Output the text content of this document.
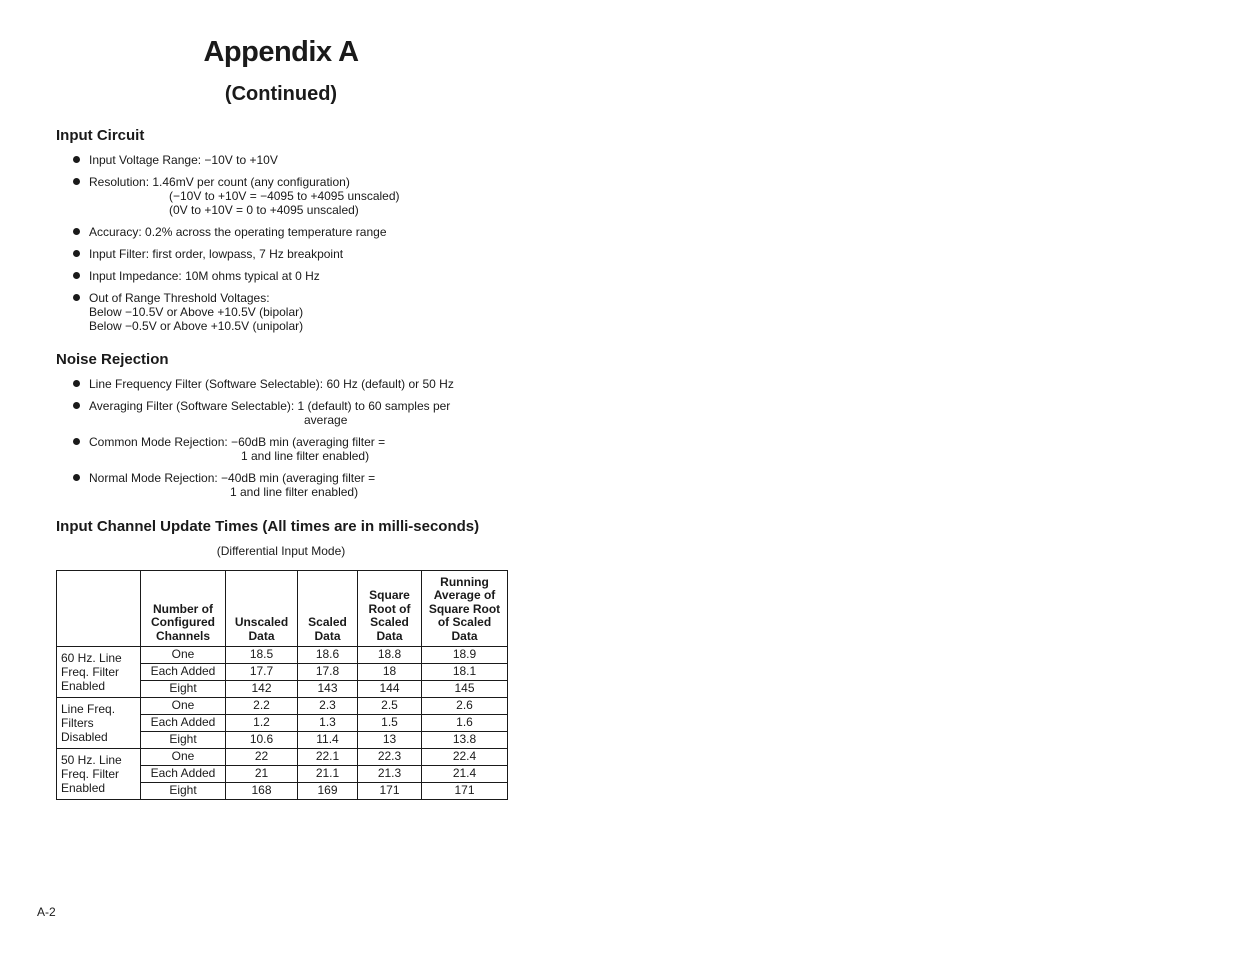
Appendix A
(Continued)
Input Circuit
Input Voltage Range: −10V to +10V
Resolution: 1.46mV per count (any configuration)
(−10V to +10V = −4095 to +4095 unscaled)
(0V to +10V = 0 to +4095 unscaled)
Accuracy: 0.2% across the operating temperature range
Input Filter: first order, lowpass, 7 Hz breakpoint
Input Impedance: 10M ohms typical at 0 Hz
Out of Range Threshold Voltages:
Below −10.5V or Above +10.5V (bipolar)
Below −0.5V or Above +10.5V (unipolar)
Noise Rejection
Line Frequency Filter (Software Selectable): 60 Hz (default) or 50 Hz
Averaging Filter (Software Selectable): 1 (default) to 60 samples per
average
Common Mode Rejection: −60dB min (averaging filter =
1 and line filter enabled)
Normal Mode Rejection: −40dB min (averaging filter =
1 and line filter enabled)
Input Channel Update Times (All times are in milli-seconds)
(Differential Input Mode)
	Number of Configured Channels	Unscaled Data	Scaled Data	Square Root of Scaled Data	Running Average of Square Root of Scaled Data
60 Hz. Line Freq. Filter Enabled	One	18.5	18.6	18.8	18.9
	Each Added	17.7	17.8	18	18.1
	Eight	142	143	144	145
Line Freq. Filters Disabled	One	2.2	2.3	2.5	2.6
	Each Added	1.2	1.3	1.5	1.6
	Eight	10.6	11.4	13	13.8
50 Hz. Line Freq. Filter Enabled	One	22	22.1	22.3	22.4
	Each Added	21	21.1	21.3	21.4
	Eight	168	169	171	171
A-2
